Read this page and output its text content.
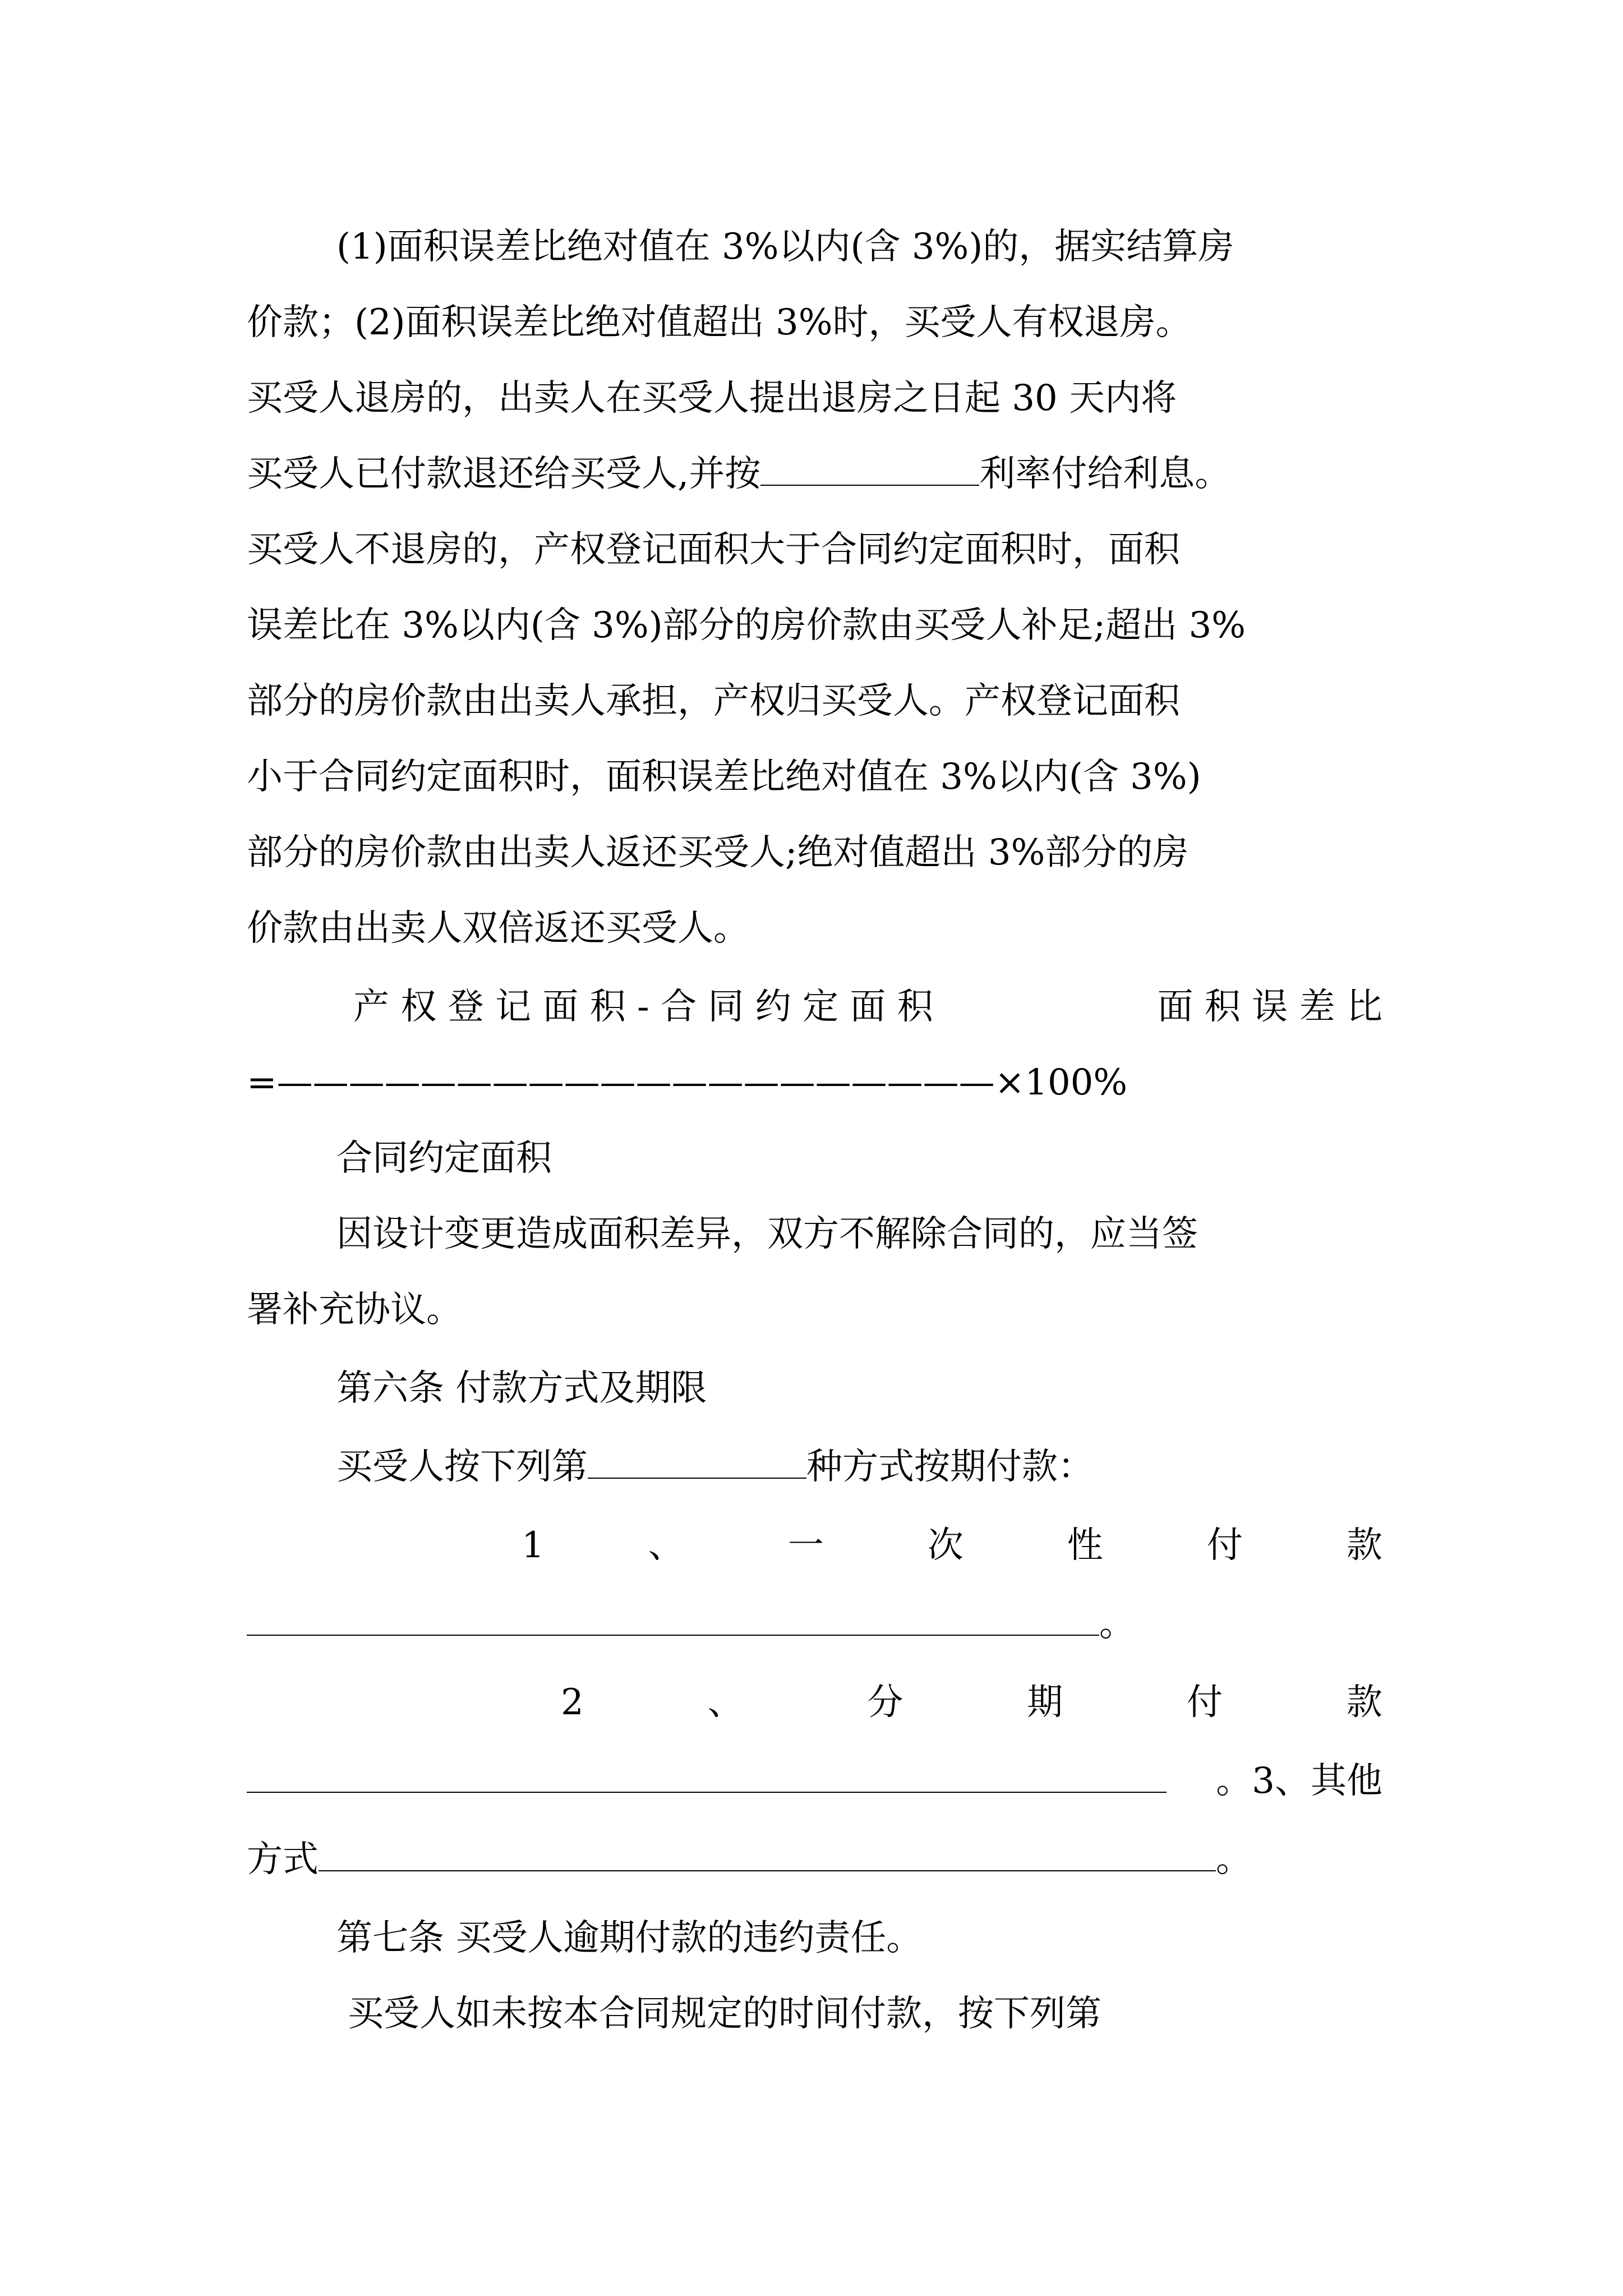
(1)面积误差比绝对值在 3%以内(含 3%)的，据实结算房
价款；(2)面积误差比绝对值超出 3%时，买受人有权退房。
买受人退房的，出卖人在买受人提出退房之日起 30 天内将
买受人已付款退还给买受人,并按	利率付给利息。
买受人不退房的，产权登记面积大于合同约定面积时，面积
误差比在 3%以内(含 3%)部分的房价款由买受人补足;超出 3%
部分的房价款由出卖人承担，产权归买受人。产权登记面积
小于合同约定面积时，面积误差比绝对值在 3%以内(含 3%)
部分的房价款由出卖人返还买受人;绝对值超出 3%部分的房
价款由出卖人双倍返还买受人。
产 权 登 记 面 积 - 合 同 约 定 面 积	面 积 误 差 比
=————————————————————×100%
合同约定面积
因设计变更造成面积差异，双方不解除合同的，应当签
署补充协议。
第六条 付款方式及期限
买受人按下列第	种方式按期付款：
1	、	一	次	性	付	款
。
2	、	分	期	付	款
。3、其他
方式	。
第七条 买受人逾期付款的违约责任。
买受人如未按本合同规定的时间付款，按下列第
